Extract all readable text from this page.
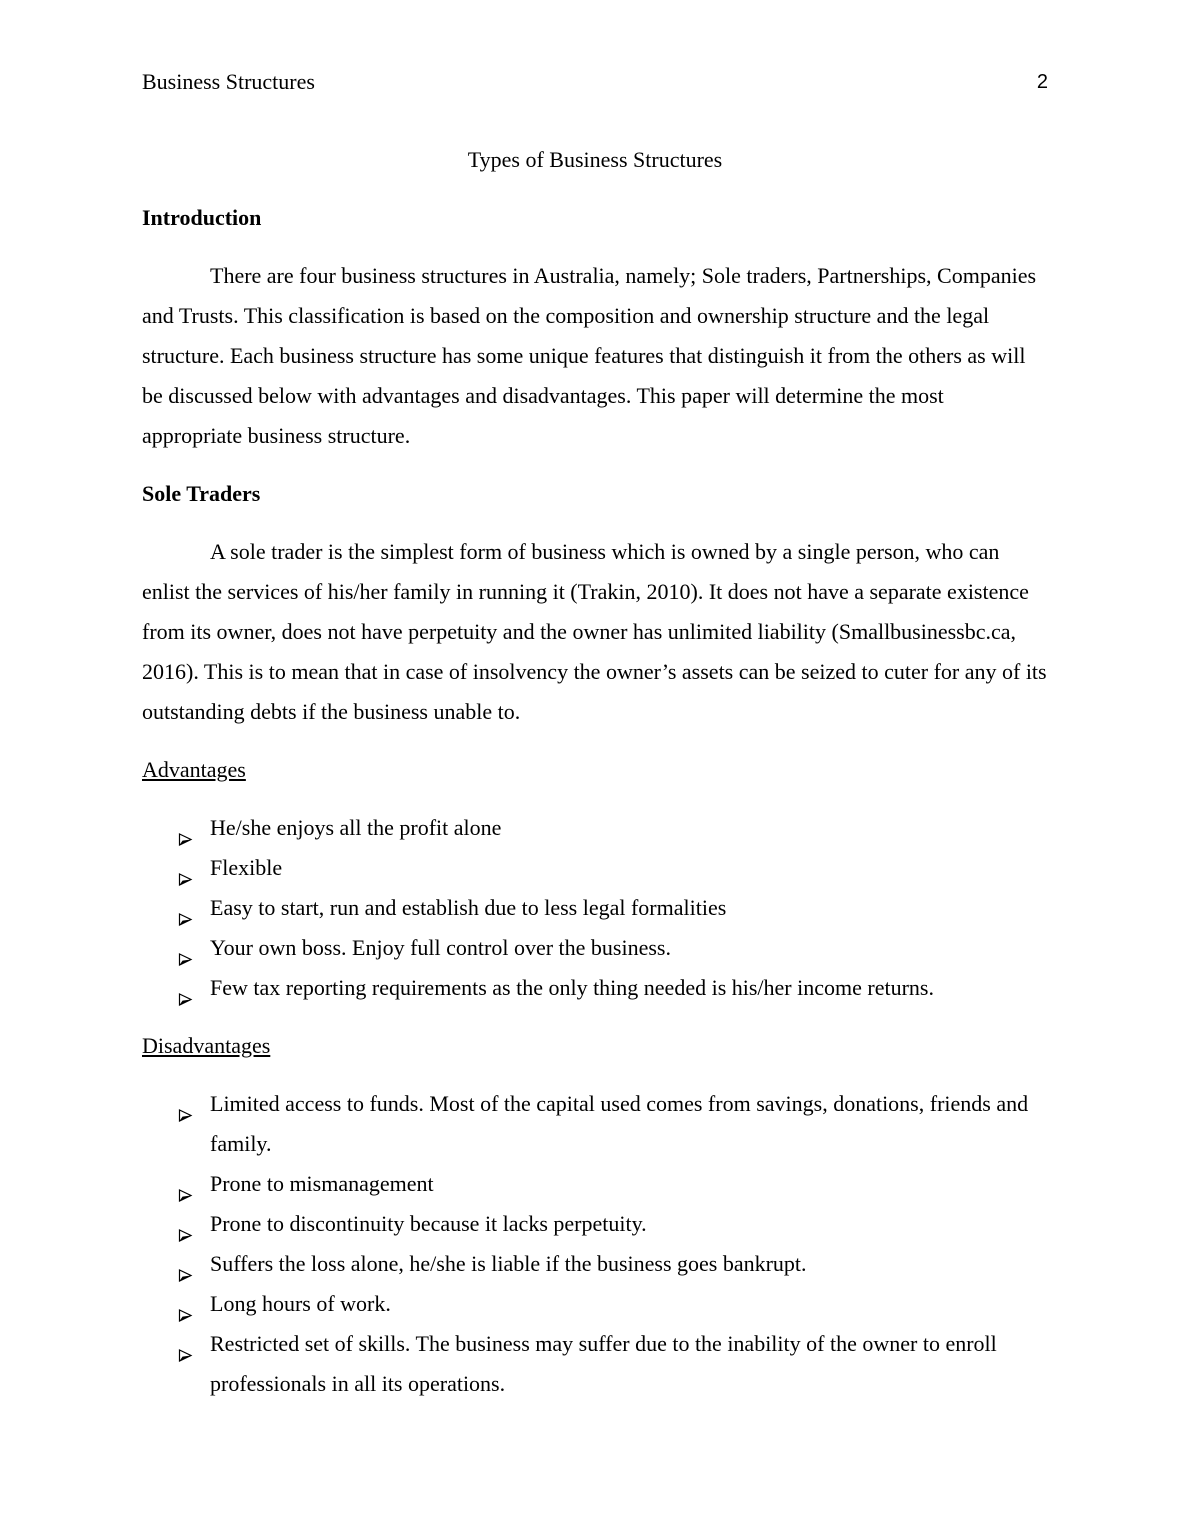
Business Structures	2

Types of Business Structures

Introduction

There are four business structures in Australia, namely; Sole traders, Partnerships, Companies and Trusts. This classification is based on the composition and ownership structure and the legal structure. Each business structure has some unique features that distinguish it from the others as will be discussed below with advantages and disadvantages. This paper will determine the most appropriate business structure.

Sole Traders

A sole trader is the simplest form of business which is owned by a single person, who can enlist the services of his/her family in running it (Trakin, 2010). It does not have a separate existence from its owner, does not have perpetuity and the owner has unlimited liability (Smallbusinessbc.ca, 2016). This is to mean that in case of insolvency the owner’s assets can be seized to cuter for any of its outstanding debts if the business unable to.

Advantages
He/she enjoys all the profit alone
Flexible
Easy to start, run and establish due to less legal formalities
Your own boss. Enjoy full control over the business.
Few tax reporting requirements as the only thing needed is his/her income returns.
Disadvantages
Limited access to funds. Most of the capital used comes from savings, donations, friends and family.
Prone to mismanagement
Prone to discontinuity because it lacks perpetuity.
Suffers the loss alone, he/she is liable if the business goes bankrupt.
Long hours of work.
Restricted set of skills. The business may suffer due to the inability of the owner to enroll professionals in all its operations.
